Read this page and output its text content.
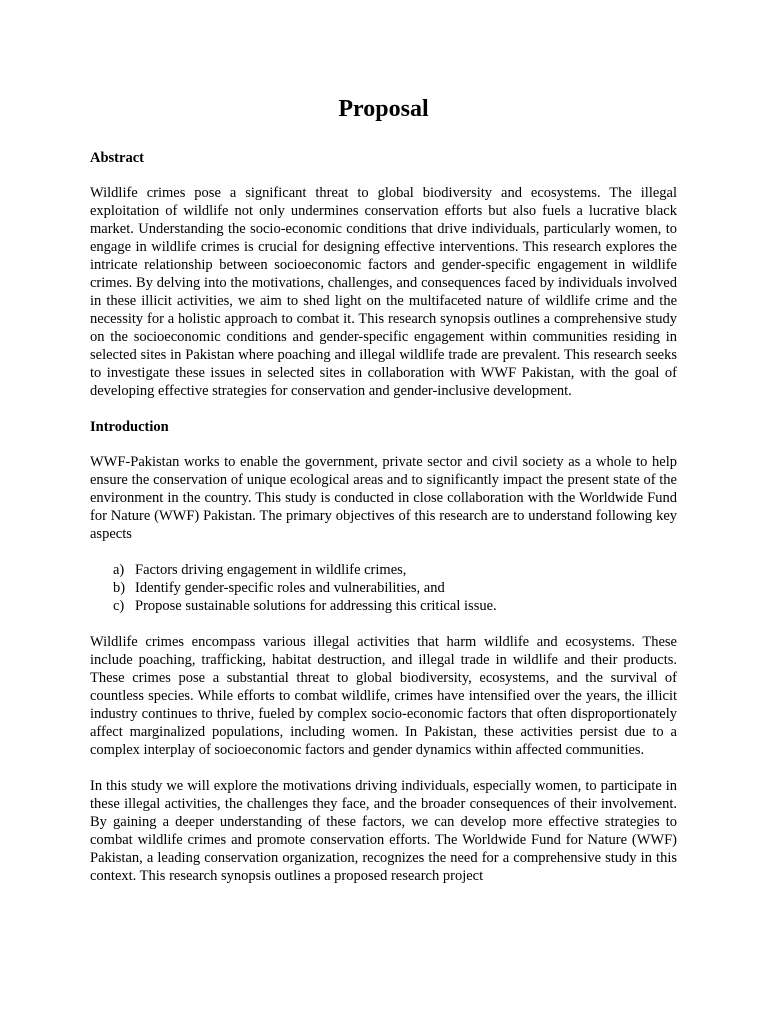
Proposal
Abstract

Wildlife crimes pose a significant threat to global biodiversity and ecosystems. The illegal exploitation of wildlife not only undermines conservation efforts but also fuels a lucrative black market. Understanding the socio-economic conditions that drive individuals, particularly women, to engage in wildlife crimes is crucial for designing effective interventions. This research explores the intricate relationship between socioeconomic factors and gender-specific engagement in wildlife crimes. By delving into the motivations, challenges, and consequences faced by individuals involved in these illicit activities, we aim to shed light on the multifaceted nature of wildlife crime and the necessity for a holistic approach to combat it. This research synopsis outlines a comprehensive study on the socioeconomic conditions and gender-specific engagement within communities residing in selected sites in Pakistan where poaching and illegal wildlife trade are prevalent. This research seeks to investigate these issues in selected sites in collaboration with WWF Pakistan, with the goal of developing effective strategies for conservation and gender-inclusive development.

Introduction

WWF-Pakistan works to enable the government, private sector and civil society as a whole to help ensure the conservation of unique ecological areas and to significantly impact the present state of the environment in the country. This study is conducted in close collaboration with the Worldwide Fund for Nature (WWF) Pakistan. The primary objectives of this research are to understand following key aspects

a) Factors driving engagement in wildlife crimes,
b) Identify gender-specific roles and vulnerabilities, and
c) Propose sustainable solutions for addressing this critical issue.

Wildlife crimes encompass various illegal activities that harm wildlife and ecosystems. These include poaching, trafficking, habitat destruction, and illegal trade in wildlife and their products. These crimes pose a substantial threat to global biodiversity, ecosystems, and the survival of countless species. While efforts to combat wildlife, crimes have intensified over the years, the illicit industry continues to thrive, fueled by complex socio-economic factors that often disproportionately affect marginalized populations, including women. In Pakistan, these activities persist due to a complex interplay of socioeconomic factors and gender dynamics within affected communities.

In this study we will explore the motivations driving individuals, especially women, to participate in these illegal activities, the challenges they face, and the broader consequences of their involvement. By gaining a deeper understanding of these factors, we can develop more effective strategies to combat wildlife crimes and promote conservation efforts. The Worldwide Fund for Nature (WWF) Pakistan, a leading conservation organization, recognizes the need for a comprehensive study in this context. This research synopsis outlines a proposed research project
